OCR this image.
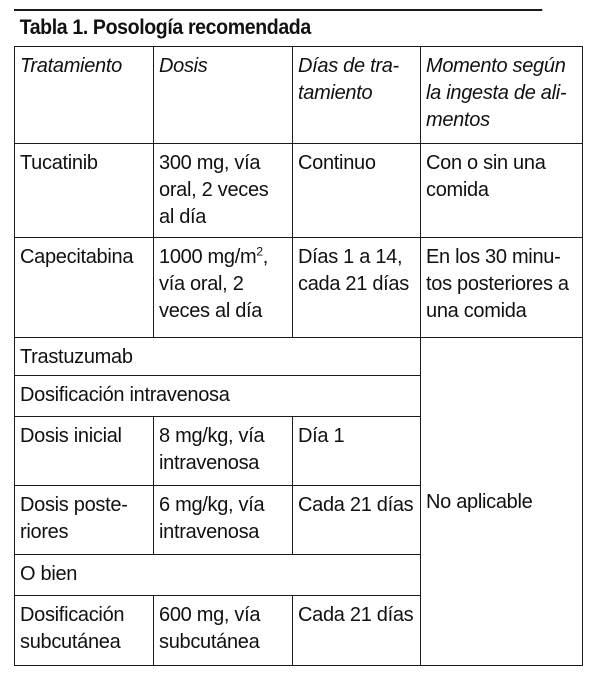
Tabla 1. Posología recomendada
Tratamiento	Dosis	Días de tra-tamiento	Momento según la ingesta de ali-mentos
Tucatinib	300 mg, vía oral, 2 veces al día	Continuo	Con o sin una comida
Capecitabina	1000 $mg/m^2$, vía oral, 2 veces al día	Días 1 a 14, cada 21 días	En los 30 minu-tos posteriores a una comida
Trastuzumab			No aplicable
Dosificación intravenosa			
Dosis inicial	8 mg/kg, vía intravenosa	Día 1	
Dosis poste-riores	6 mg/kg, vía intravenosa	Cada 21 días	
O bien			
Dosificación subcutánea	600 mg, vía subcutánea	Cada 21 días	
